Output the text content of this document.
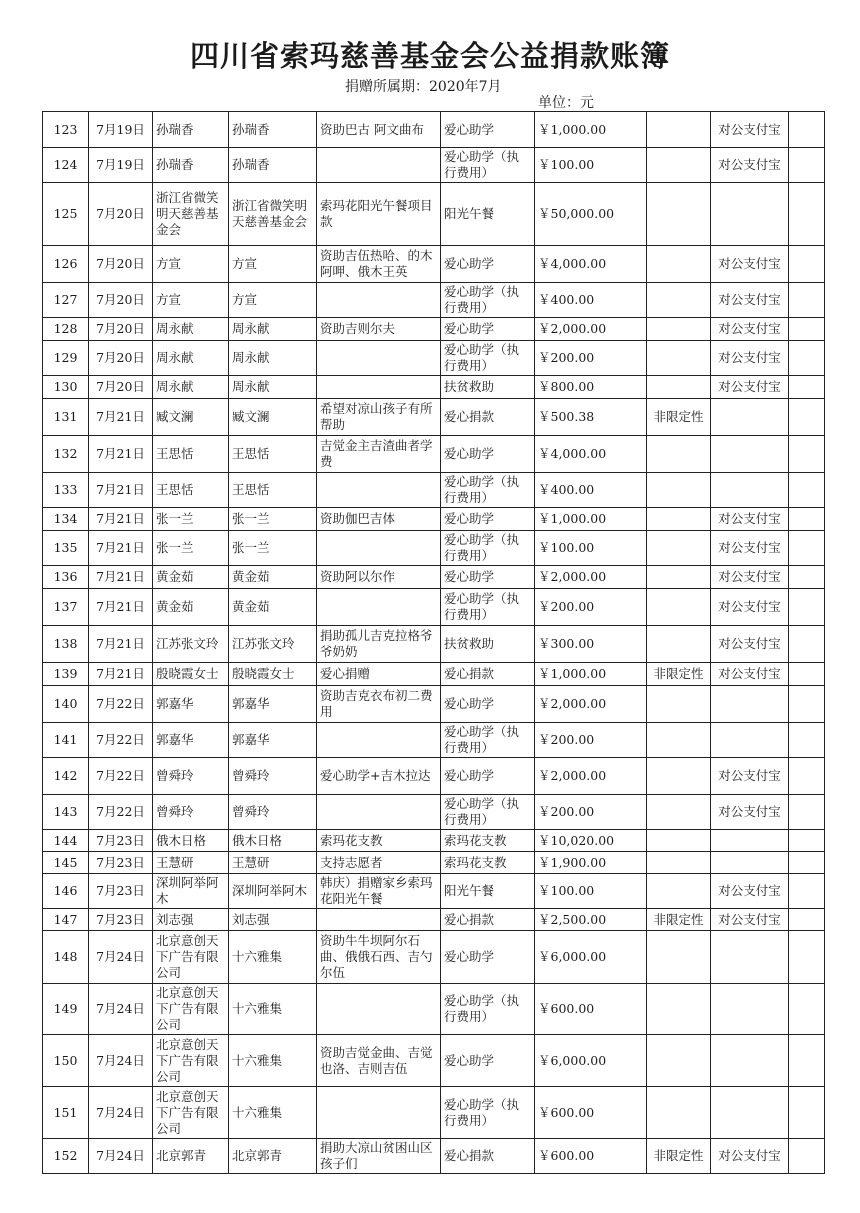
四川省索玛慈善基金会公益捐款账簿
捐赠所属期：2020年7月
单位：元
123	7月19日	孙瑞香	孙瑞香	资助巴古 阿文曲布	爱心助学	￥1,000.00		对公支付宝	
124	7月19日	孙瑞香	孙瑞香		爱心助学（执行费用）	￥100.00		对公支付宝	
125	7月20日	浙江省微笑明天慈善基金会	浙江省微笑明天慈善基金会	索玛花阳光午餐项目款	阳光午餐	￥50,000.00			
126	7月20日	方宣	方宣	资助吉伍热哈、的木阿呷、俄木王英	爱心助学	￥4,000.00		对公支付宝	
127	7月20日	方宣	方宣		爱心助学（执行费用）	￥400.00		对公支付宝	
128	7月20日	周永献	周永献	资助吉则尔夫	爱心助学	￥2,000.00		对公支付宝	
129	7月20日	周永献	周永献		爱心助学（执行费用）	￥200.00		对公支付宝	
130	7月20日	周永献	周永献		扶贫救助	￥800.00		对公支付宝	
131	7月21日	臧文澜	臧文澜	希望对凉山孩子有所帮助	爱心捐款	￥500.38	非限定性		
132	7月21日	王思恬	王思恬	吉觉金主吉渣曲者学费	爱心助学	￥4,000.00			
133	7月21日	王思恬	王思恬		爱心助学（执行费用）	￥400.00			
134	7月21日	张一兰	张一兰	资助伽巴吉体	爱心助学	￥1,000.00		对公支付宝	
135	7月21日	张一兰	张一兰		爱心助学（执行费用）	￥100.00		对公支付宝	
136	7月21日	黄金茹	黄金茹	资助阿以尔作	爱心助学	￥2,000.00		对公支付宝	
137	7月21日	黄金茹	黄金茹		爱心助学（执行费用）	￥200.00		对公支付宝	
138	7月21日	江苏张文玲	江苏张文玲	捐助孤儿吉克拉格爷爷奶奶	扶贫救助	￥300.00		对公支付宝	
139	7月21日	殷晓霞女士	殷晓霞女士	爱心捐赠	爱心捐款	￥1,000.00	非限定性	对公支付宝	
140	7月22日	郭嘉华	郭嘉华	资助吉克衣布初二费用	爱心助学	￥2,000.00			
141	7月22日	郭嘉华	郭嘉华		爱心助学（执行费用）	￥200.00			
142	7月22日	曾舜玲	曾舜玲	爱心助学+吉木拉达	爱心助学	￥2,000.00		对公支付宝	
143	7月22日	曾舜玲	曾舜玲		爱心助学（执行费用）	￥200.00		对公支付宝	
144	7月23日	俄木日格	俄木日格	索玛花支教	索玛花支教	￥10,020.00			
145	7月23日	王慧研	王慧研	支持志愿者	索玛花支教	￥1,900.00			
146	7月23日	深圳阿举阿木	深圳阿举阿木	韩庆）捐赠家乡索玛花阳光午餐	阳光午餐	￥100.00		对公支付宝	
147	7月23日	刘志强	刘志强		爱心捐款	￥2,500.00	非限定性	对公支付宝	
148	7月24日	北京意创天下广告有限公司	十六雅集	资助牛牛坝阿尔石曲、俄俄石西、吉勺尔伍	爱心助学	￥6,000.00			
149	7月24日	北京意创天下广告有限公司	十六雅集		爱心助学（执行费用）	￥600.00			
150	7月24日	北京意创天下广告有限公司	十六雅集	资助吉觉金曲、吉觉也洛、吉则吉伍	爱心助学	￥6,000.00			
151	7月24日	北京意创天下广告有限公司	十六雅集		爱心助学（执行费用）	￥600.00			
152	7月24日	北京郭青	北京郭青	捐助大凉山贫困山区孩子们	爱心捐款	￥600.00	非限定性	对公支付宝	
